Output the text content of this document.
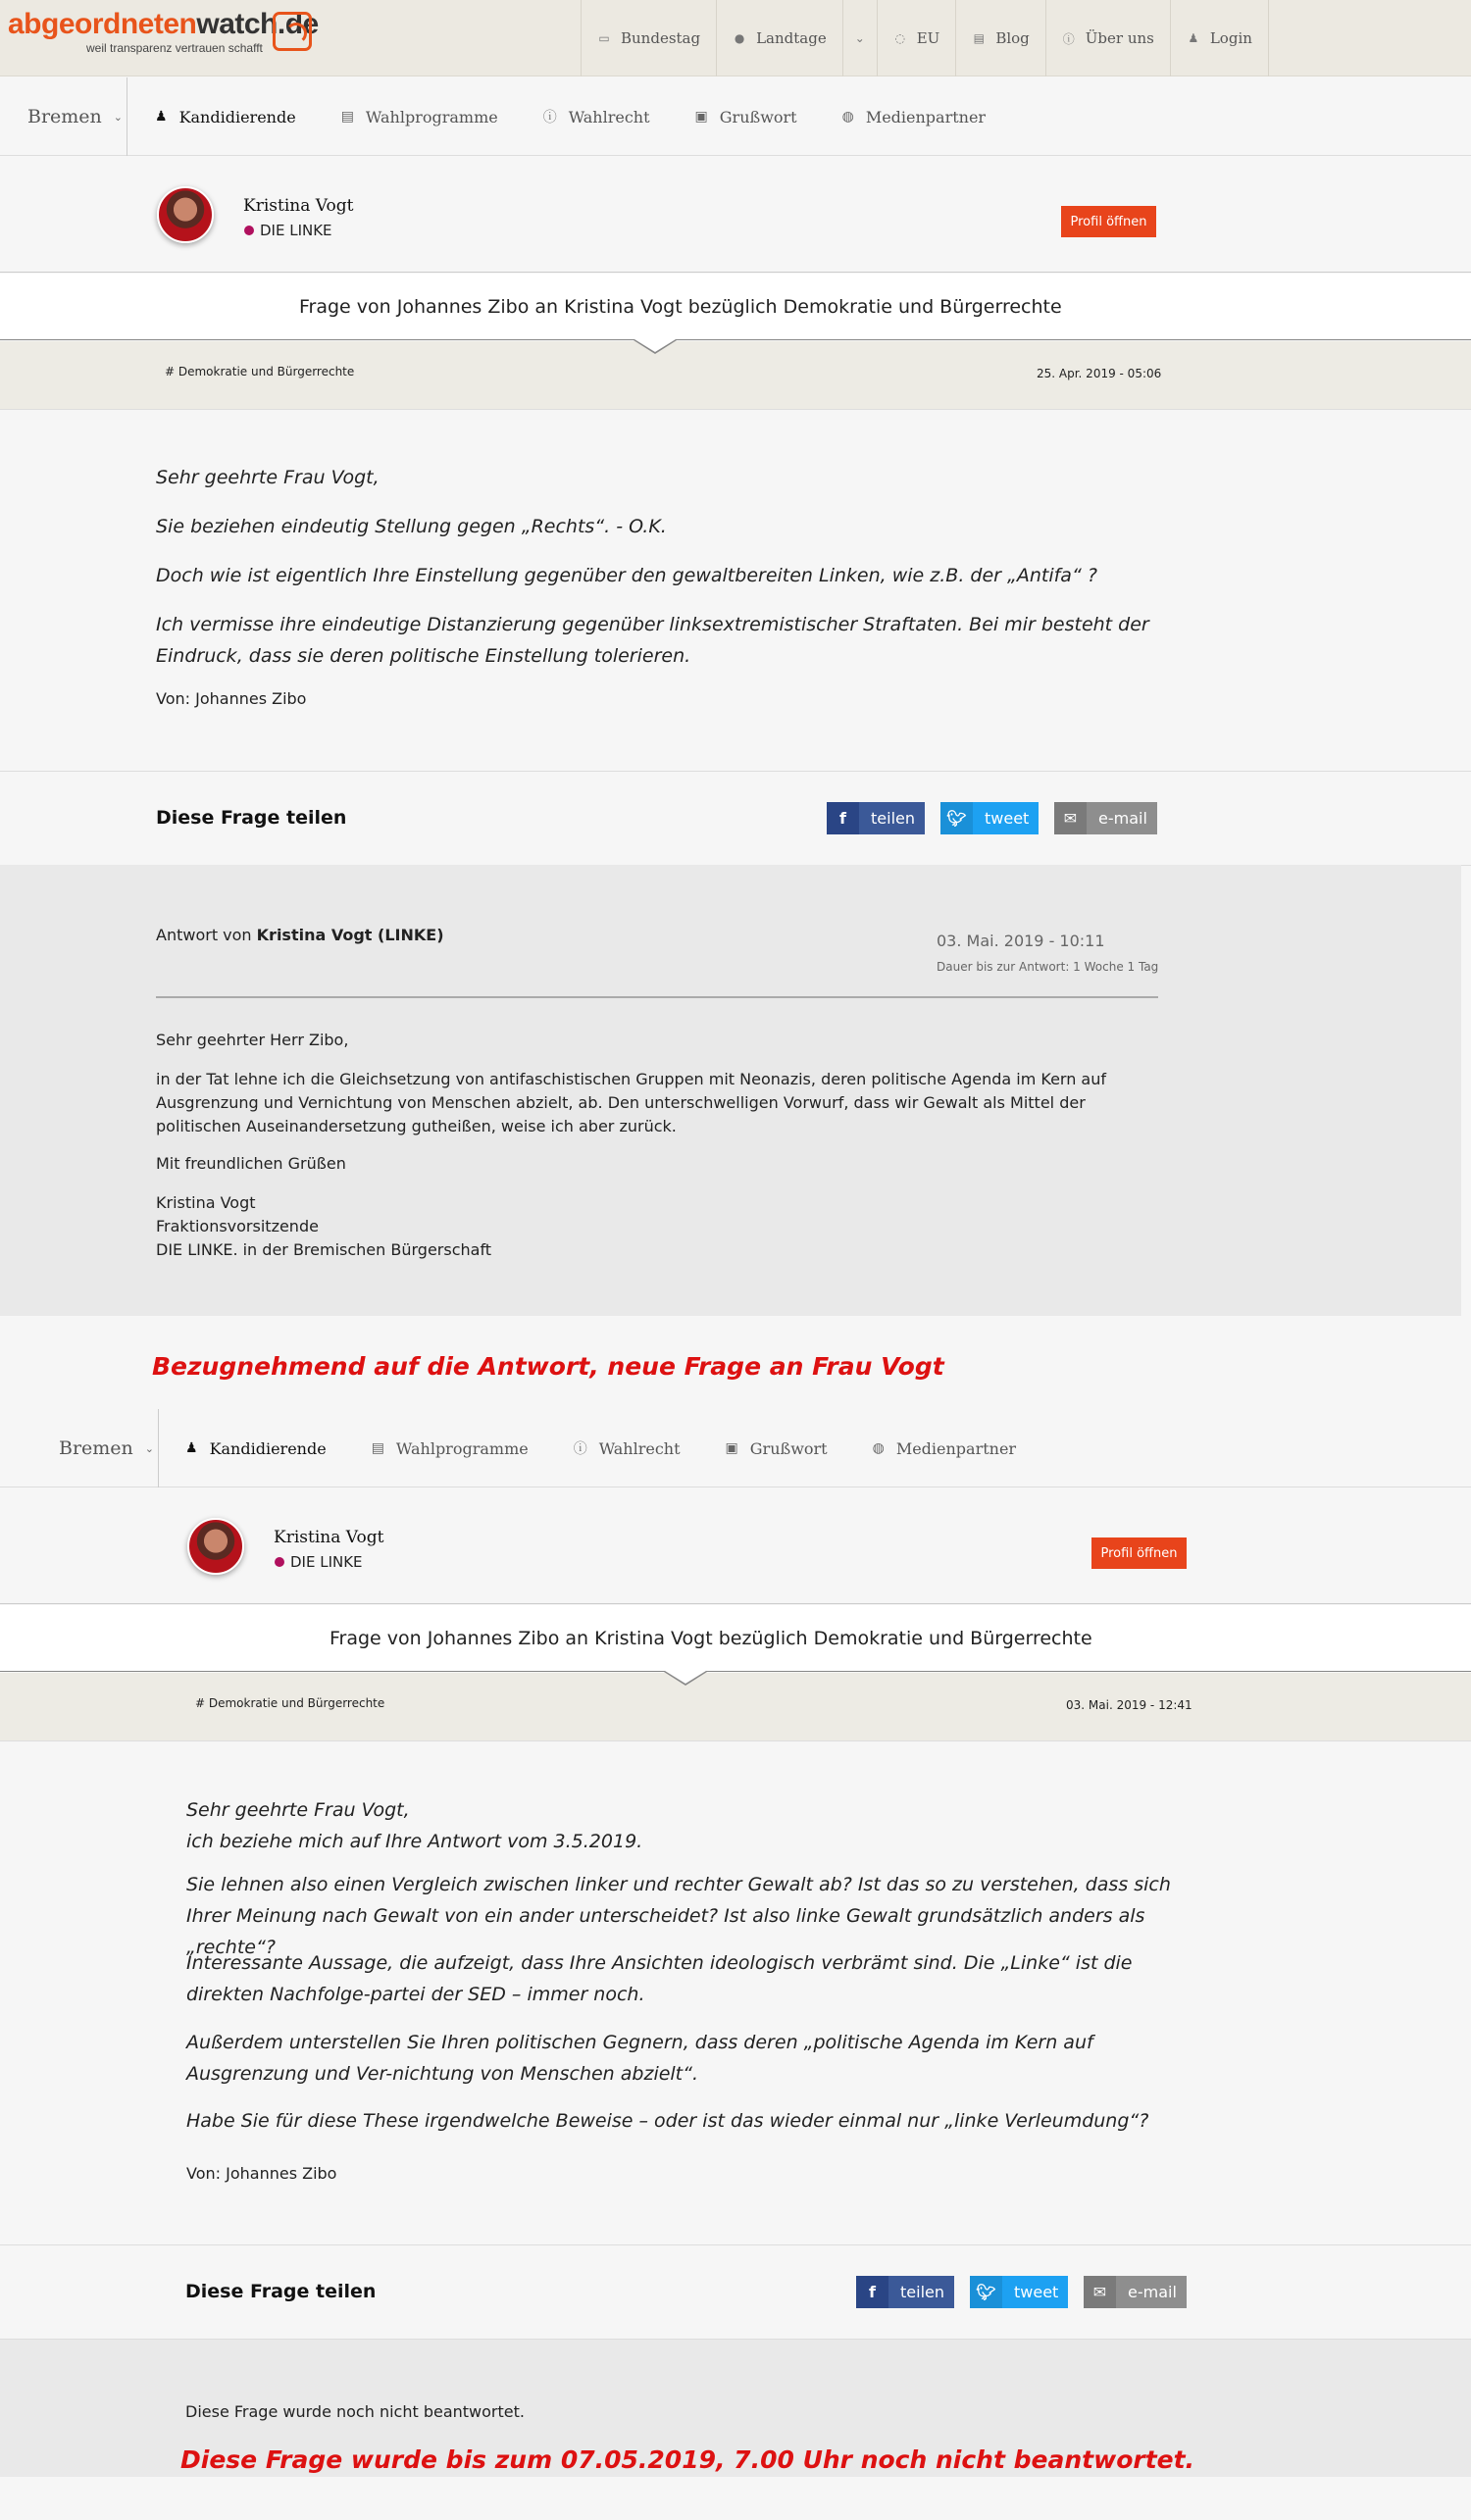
abgeordnetenwatch.de
weil transparenz vertrauen schafft
▭ Bundestag	● Landtage ⌄	◌ EU	▤ Blog	ⓘ Über uns	♟ Login
Bremen ⌄ ♟ Kandidierende	▤ Wahlprogramme	ⓘ Wahlrecht	▣ Grußwort	◍ Medienpartner
Kristina Vogt
DIE LINKE	Profil öffnen
Frage von Johannes Zibo an Kristina Vogt bezüglich Demokratie und Bürgerrechte
# Demokratie und Bürgerrechte	25. Apr. 2019 - 05:06

Sehr geehrte Frau Vogt,

Sie beziehen eindeutig Stellung gegen „Rechts“. - O.K.

Doch wie ist eigentlich Ihre Einstellung gegenüber den gewaltbereiten Linken, wie z.B. der „Antifa“ ?

Ich vermisse ihre eindeutige Distanzierung gegenüber linksextremistischer Straftaten. Bei mir besteht der Eindruck, dass sie deren politische Einstellung tolerieren.

Von: Johannes Zibo

Diese Frage teilen	f	teilen	🐦︎	tweet	✉	e-mail
Antwort von Kristina Vogt (LINKE)	03. Mai. 2019 - 10:11
Dauer bis zur Antwort: 1 Woche 1 Tag

Sehr geehrter Herr Zibo,

in der Tat lehne ich die Gleichsetzung von antifaschistischen Gruppen mit Neonazis, deren politische Agenda im Kern auf Ausgrenzung und Vernichtung von Menschen abzielt, ab. Den unterschwelligen Vorwurf, dass wir Gewalt als Mittel der politischen Auseinandersetzung gutheißen, weise ich aber zurück.

Mit freundlichen Grüßen

Kristina Vogt

Fraktionsvorsitzende

DIE LINKE. in der Bremischen Bürgerschaft

Bezugnehmend auf die Antwort, neue Frage an Frau Vogt
Bremen ⌄ ♟ Kandidierende	▤ Wahlprogramme	ⓘ Wahlrecht	▣ Grußwort	◍ Medienpartner
Kristina Vogt
DIE LINKE	Profil öffnen
Frage von Johannes Zibo an Kristina Vogt bezüglich Demokratie und Bürgerrechte
# Demokratie und Bürgerrechte	03. Mai. 2019 - 12:41

Sehr geehrte Frau Vogt,

ich beziehe mich auf Ihre Antwort vom 3.5.2019.

Sie lehnen also einen Vergleich zwischen linker und rechter Gewalt ab? Ist das so zu verstehen, dass sich Ihrer Meinung nach Gewalt von ein ander unterscheidet? Ist also linke Gewalt grundsätzlich anders als „rechte“?

Interessante Aussage, die aufzeigt, dass Ihre Ansichten ideologisch verbrämt sind. Die „Linke“ ist die direkten Nachfolge-partei der SED – immer noch.

Außerdem unterstellen Sie Ihren politischen Gegnern, dass deren „politische Agenda im Kern auf Ausgrenzung und Ver-nichtung von Menschen abzielt“.

Habe Sie für diese These irgendwelche Beweise – oder ist das wieder einmal nur „linke Verleumdung“?

Von: Johannes Zibo

Diese Frage teilen	f	teilen	🐦︎	tweet	✉	e-mail
Diese Frage wurde noch nicht beantwortet.
Diese Frage wurde bis zum 07.05.2019, 7.00 Uhr noch nicht beantwortet.
